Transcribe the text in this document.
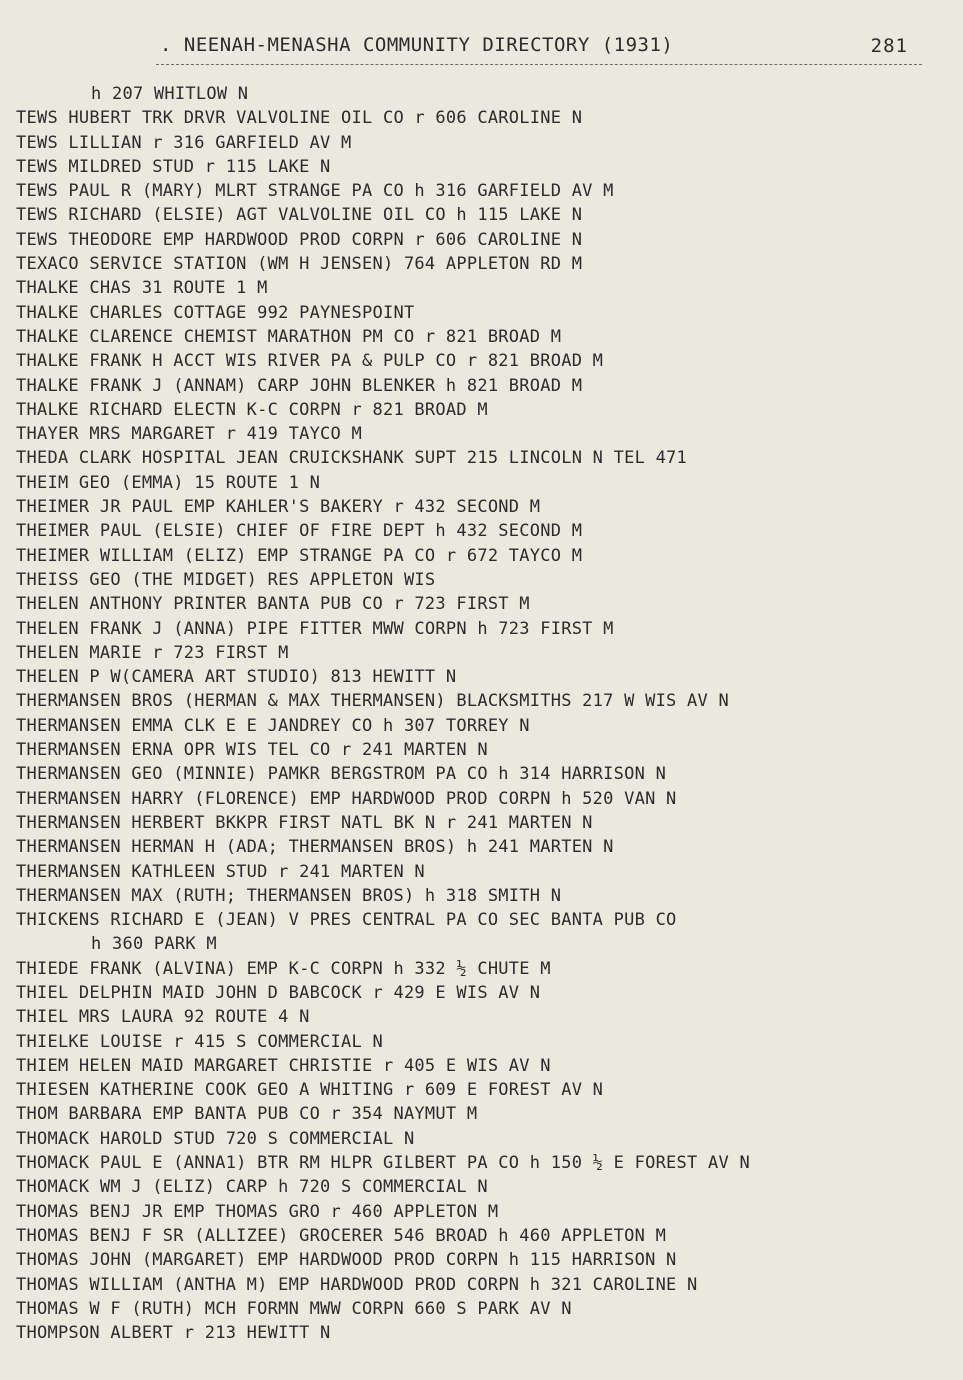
. NEENAH-MENASHA COMMUNITY DIRECTORY (1931)	281
h 207 WHITLOW N
TEWS HUBERT TRK DRVR VALVOLINE OIL CO r 606 CAROLINE N
TEWS LILLIAN r 316 GARFIELD AV M
TEWS MILDRED STUD r 115 LAKE N
TEWS PAUL R (MARY) MLRT STRANGE PA CO h 316 GARFIELD AV M
TEWS RICHARD (ELSIE) AGT VALVOLINE OIL CO h 115 LAKE N
TEWS THEODORE EMP HARDWOOD PROD CORPN r 606 CAROLINE N
TEXACO SERVICE STATION (WM H JENSEN) 764 APPLETON RD M
THALKE CHAS 31 ROUTE 1 M
THALKE CHARLES COTTAGE 992 PAYNESPOINT
THALKE CLARENCE CHEMIST MARATHON PM CO r 821 BROAD M
THALKE FRANK H ACCT WIS RIVER PA & PULP CO r 821 BROAD M
THALKE FRANK J (ANNAM) CARP JOHN BLENKER h 821 BROAD M
THALKE RICHARD ELECTN K-C CORPN r 821 BROAD M
THAYER MRS MARGARET r 419 TAYCO M
THEDA CLARK HOSPITAL JEAN CRUICKSHANK SUPT 215 LINCOLN N TEL 471
THEIM GEO (EMMA) 15 ROUTE 1 N
THEIMER JR PAUL EMP KAHLER'S BAKERY r 432 SECOND M
THEIMER PAUL (ELSIE) CHIEF OF FIRE DEPT h 432 SECOND M
THEIMER WILLIAM (ELIZ) EMP STRANGE PA CO r 672 TAYCO M
THEISS GEO (THE MIDGET) RES APPLETON WIS
THELEN ANTHONY PRINTER BANTA PUB CO r 723 FIRST M
THELEN FRANK J (ANNA) PIPE FITTER MWW CORPN h 723 FIRST M
THELEN MARIE r 723 FIRST M
THELEN P W(CAMERA ART STUDIO) 813 HEWITT N
THERMANSEN BROS (HERMAN & MAX THERMANSEN) BLACKSMITHS 217 W WIS AV N
THERMANSEN EMMA CLK E E JANDREY CO h 307 TORREY N
THERMANSEN ERNA OPR WIS TEL CO r 241 MARTEN N
THERMANSEN GEO (MINNIE) PAMKR BERGSTROM PA CO h 314 HARRISON N
THERMANSEN HARRY (FLORENCE) EMP HARDWOOD PROD CORPN h 520 VAN N
THERMANSEN HERBERT BKKPR FIRST NATL BK N r 241 MARTEN N
THERMANSEN HERMAN H (ADA; THERMANSEN BROS) h 241 MARTEN N
THERMANSEN KATHLEEN STUD r 241 MARTEN N
THERMANSEN MAX (RUTH; THERMANSEN BROS) h 318 SMITH N
THICKENS RICHARD E (JEAN) V PRES CENTRAL PA CO SEC BANTA PUB CO
h 360 PARK M
THIEDE FRANK (ALVINA) EMP K-C CORPN h 332 ½ CHUTE M
THIEL DELPHIN MAID JOHN D BABCOCK r 429 E WIS AV N
THIEL MRS LAURA 92 ROUTE 4 N
THIELKE LOUISE r 415 S COMMERCIAL N
THIEM HELEN MAID MARGARET CHRISTIE r 405 E WIS AV N
THIESEN KATHERINE COOK GEO A WHITING r 609 E FOREST AV N
THOM BARBARA EMP BANTA PUB CO r 354 NAYMUT M
THOMACK HAROLD STUD 720 S COMMERCIAL N
THOMACK PAUL E (ANNA1) BTR RM HLPR GILBERT PA CO h 150 ½ E FOREST AV N
THOMACK WM J (ELIZ) CARP h 720 S COMMERCIAL N
THOMAS BENJ JR EMP THOMAS GRO r 460 APPLETON M
THOMAS BENJ F SR (ALLIZEE) GROCERER 546 BROAD h 460 APPLETON M
THOMAS JOHN (MARGARET) EMP HARDWOOD PROD CORPN h 115 HARRISON N
THOMAS WILLIAM (ANTHA M) EMP HARDWOOD PROD CORPN h 321 CAROLINE N
THOMAS W F (RUTH) MCH FORMN MWW CORPN 660 S PARK AV N
THOMPSON ALBERT r 213 HEWITT N
